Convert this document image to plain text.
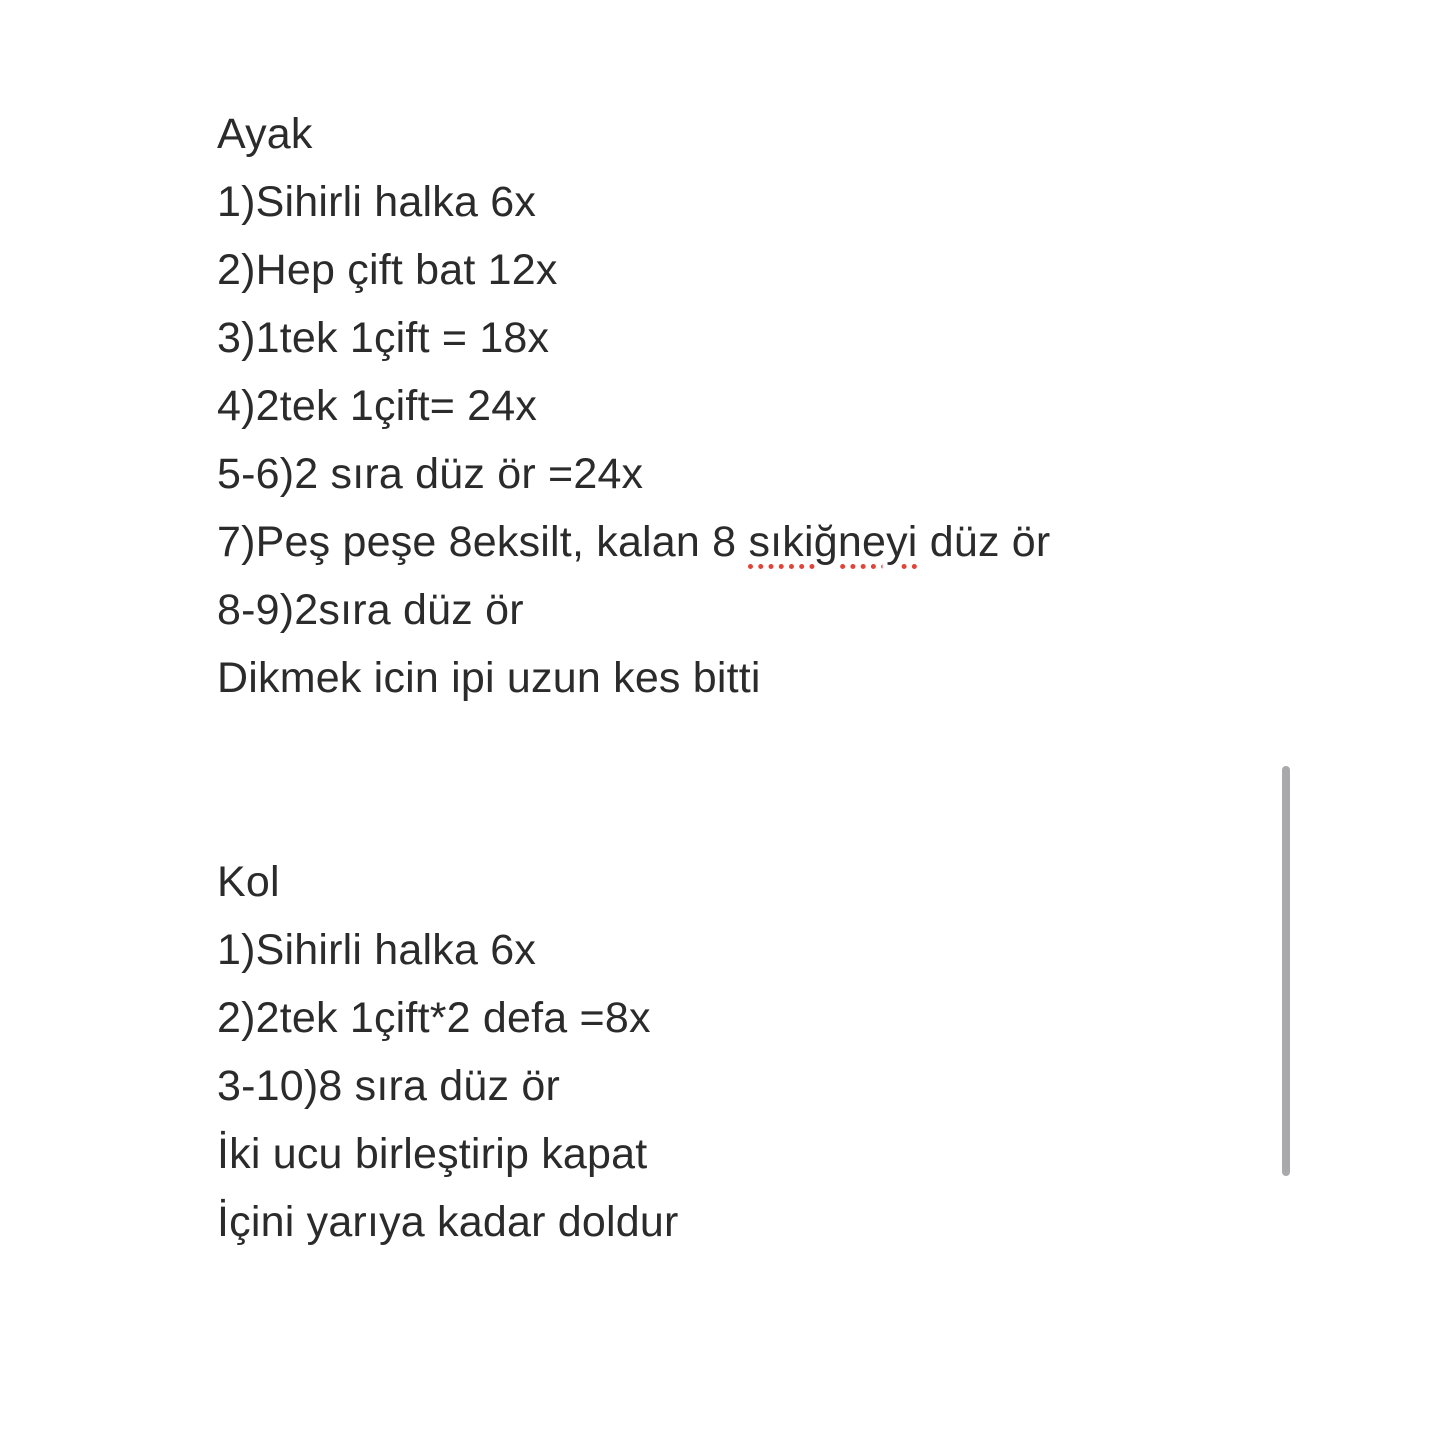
Ayak
1)Sihirli halka 6x
2)Hep çift bat 12x
3)1tek 1çift = 18x
4)2tek 1çift= 24x
5-6)2 sıra düz ör =24x
7)Peş peşe 8eksilt, kalan 8 sıkiğneyi düz ör
8-9)2sıra düz ör
Dikmek icin ipi uzun kes bitti
Kol
1)Sihirli halka 6x
2)2tek 1çift*2 defa =8x
3-10)8 sıra düz ör
İki ucu birleştirip kapat
İçini yarıya kadar doldur
